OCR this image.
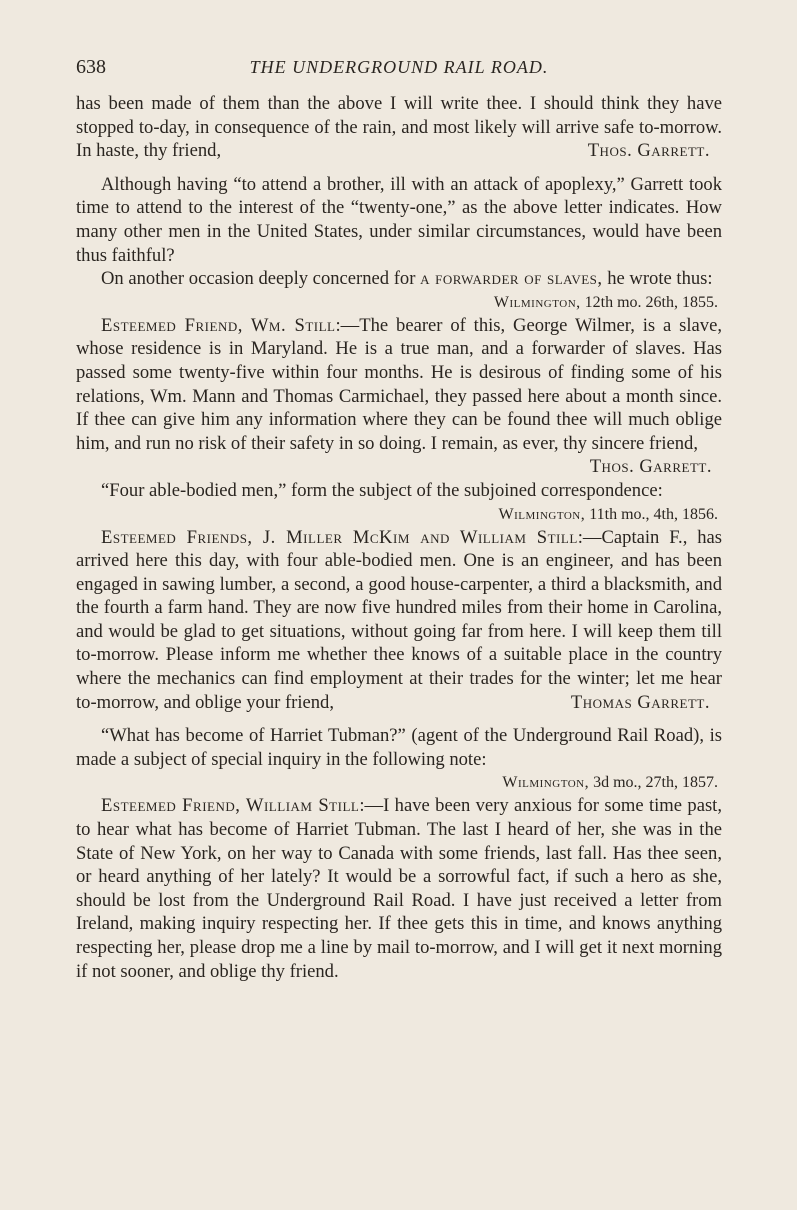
638	THE UNDERGROUND RAIL ROAD.

has been made of them than the above I will write thee. I should think they have stopped to-day, in consequence of the rain, and most likely will arrive safe to-morrow. In haste, thy friend,	Thos. Garrett.

Although having “to attend a brother, ill with an attack of apoplexy,” Garrett took time to attend to the interest of the “twenty-one,” as the above letter indicates. How many other men in the United States, under similar circumstances, would have been thus faithful?

On another occasion deeply concerned for a forwarder of slaves, he wrote thus:

Wilmington, 12th mo. 26th, 1855.

Esteemed Friend, Wm. Still:—The bearer of this, George Wilmer, is a slave, whose residence is in Maryland. He is a true man, and a forwarder of slaves. Has passed some twenty-five within four months. He is desirous of finding some of his relations, Wm. Mann and Thomas Carmichael, they passed here about a month since. If thee can give him any information where they can be found thee will much oblige him, and run no risk of their safety in so doing. I remain, as ever, thy sincere friend,

Thos. Garrett.

“Four able-bodied men,” form the subject of the subjoined correspondence:

Wilmington, 11th mo., 4th, 1856.

Esteemed Friends, J. Miller McKim and William Still:—Captain F., has arrived here this day, with four able-bodied men. One is an engineer, and has been engaged in sawing lumber, a second, a good house-carpenter, a third a blacksmith, and the fourth a farm hand. They are now five hundred miles from their home in Carolina, and would be glad to get situations, without going far from here. I will keep them till to-morrow. Please inform me whether thee knows of a suitable place in the country where the mechanics can find employment at their trades for the winter; let me hear to-morrow, and oblige your friend,	Thomas Garrett.

“What has become of Harriet Tubman?” (agent of the Underground Rail Road), is made a subject of special inquiry in the following note:

Wilmington, 3d mo., 27th, 1857.

Esteemed Friend, William Still:—I have been very anxious for some time past, to hear what has become of Harriet Tubman. The last I heard of her, she was in the State of New York, on her way to Canada with some friends, last fall. Has thee seen, or heard anything of her lately? It would be a sorrowful fact, if such a hero as she, should be lost from the Underground Rail Road. I have just received a letter from Ireland, making inquiry respecting her. If thee gets this in time, and knows anything respecting her, please drop me a line by mail to-morrow, and I will get it next morning if not sooner, and oblige thy friend.
